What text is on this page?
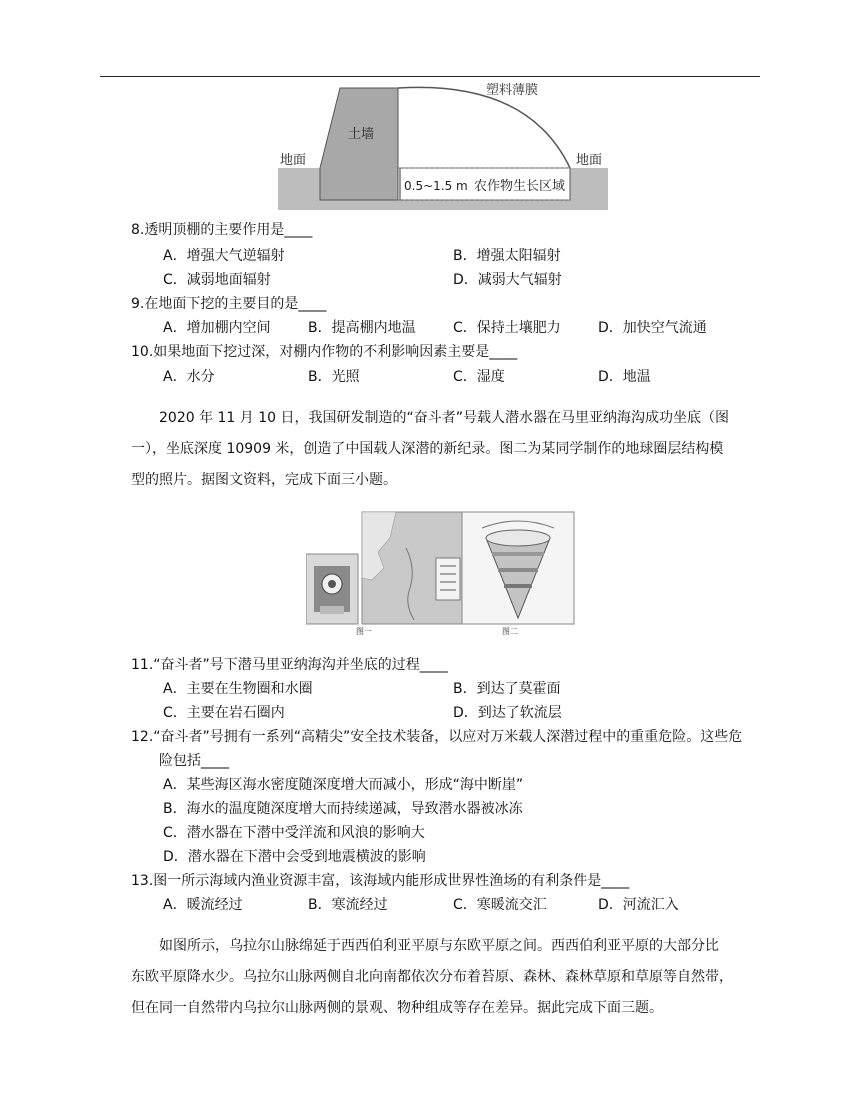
土墙
塑料薄膜
地面	地面
0.5~1.5 m 农作物生长区域
8.透明顶棚的主要作用是____
A．增强大气逆辐射	B．增强太阳辐射
C．减弱地面辐射	D．减弱大气辐射
9.在地面下挖的主要目的是____
A．增加棚内空间	B．提高棚内地温	C．保持土壤肥力	D．加快空气流通
10.如果地面下挖过深，对棚内作物的不利影响因素主要是____
A．水分	B．光照	C．湿度	D．地温
2020 年 11 月 10 日，我国研发制造的“奋斗者”号载人潜水器在马里亚纳海沟成功坐底（图
一），坐底深度 10909 米，创造了中国载人深潜的新纪录。图二为某同学制作的地球圈层结构模
型的照片。据图文资料，完成下面三小题。
图一	图二
11.“奋斗者”号下潜马里亚纳海沟并坐底的过程____
A．主要在生物圈和水圈	B．到达了莫霍面
C．主要在岩石圈内	D．到达了软流层
12.“奋斗者”号拥有一系列“高精尖”安全技术装备，以应对万米载人深潜过程中的重重危险。这些危
险包括____
A．某些海区海水密度随深度增大而减小，形成“海中断崖”
B．海水的温度随深度增大而持续递减，导致潜水器被冰冻
C．潜水器在下潜中受洋流和风浪的影响大
D．潜水器在下潜中会受到地震横波的影响
13.图一所示海域内渔业资源丰富，该海域内能形成世界性渔场的有利条件是____
A．暖流经过	B．寒流经过	C．寒暖流交汇	D．河流汇入
如图所示，乌拉尔山脉绵延于西西伯利亚平原与东欧平原之间。西西伯利亚平原的大部分比
东欧平原降水少。乌拉尔山脉两侧自北向南都依次分布着苔原、森林、森林草原和草原等自然带，
但在同一自然带内乌拉尔山脉两侧的景观、物种组成等存在差异。据此完成下面三题。
